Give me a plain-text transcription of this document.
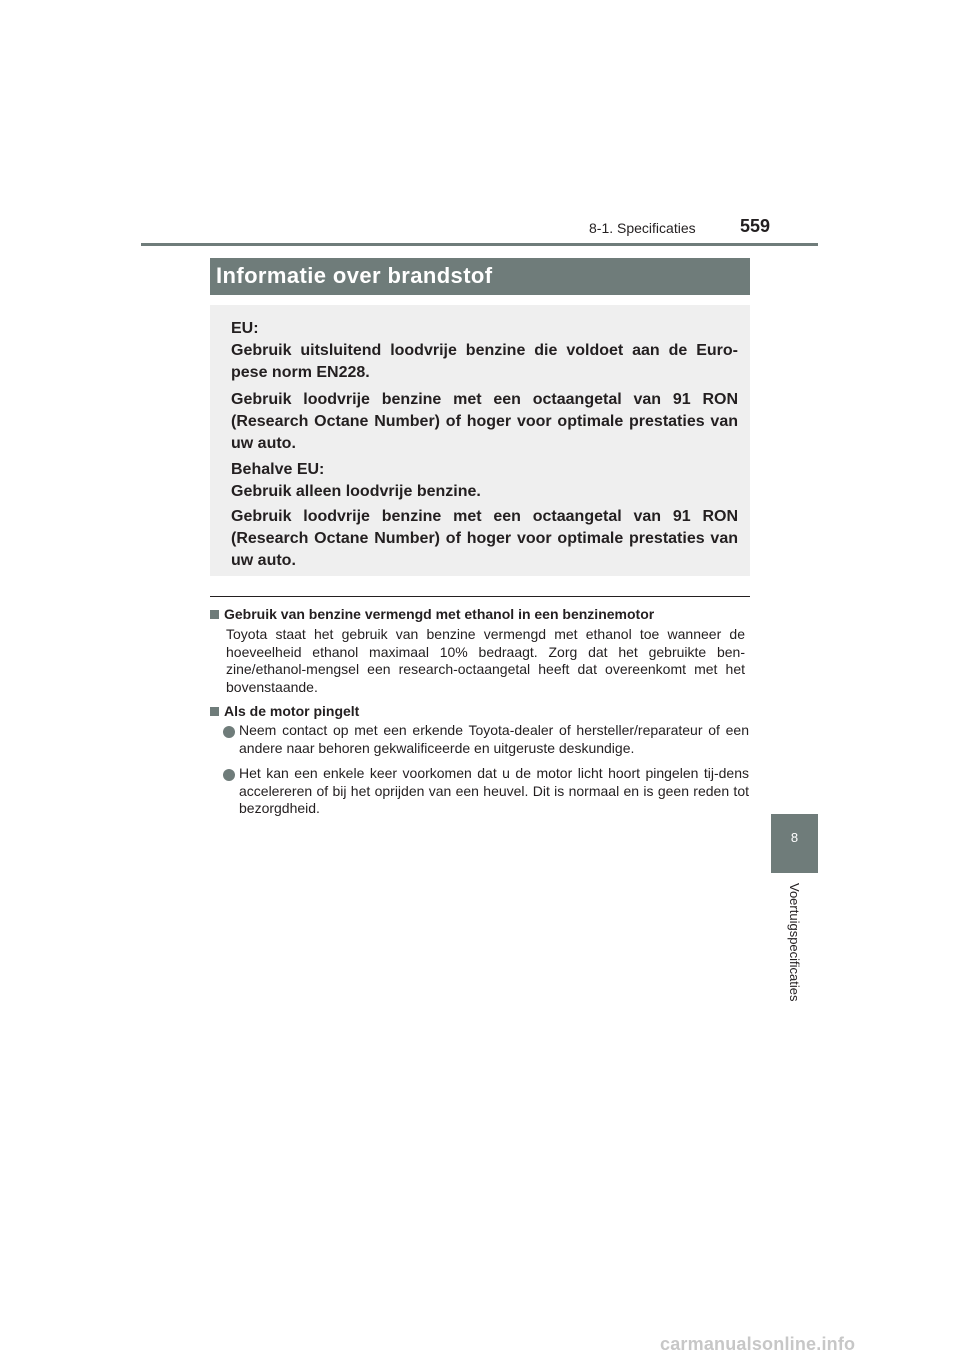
8-1. Specificaties 559
Informatie over brandstof

EU:

Gebruik uitsluitend loodvrije benzine die voldoet aan de Euro-pese norm EN228.

Gebruik loodvrije benzine met een octaangetal van 91 RON (Research Octane Number) of hoger voor optimale prestaties van uw auto.

Behalve EU:

Gebruik alleen loodvrije benzine.

Gebruik loodvrije benzine met een octaangetal van 91 RON (Research Octane Number) of hoger voor optimale prestaties van uw auto.

Gebruik van benzine vermengd met ethanol in een benzinemotor

Toyota staat het gebruik van benzine vermengd met ethanol toe wanneer de hoeveelheid ethanol maximaal 10% bedraagt. Zorg dat het gebruikte ben-zine/ethanol-mengsel een research-octaangetal heeft dat overeenkomt met het bovenstaande.

Als de motor pingelt

Neem contact op met een erkende Toyota-dealer of hersteller/reparateur of een andere naar behoren gekwalificeerde en uitgeruste deskundige.

Het kan een enkele keer voorkomen dat u de motor licht hoort pingelen tij-dens accelereren of bij het oprijden van een heuvel. Dit is normaal en is geen reden tot bezorgdheid.

8
Voertuigspecificaties
carmanualsonline.info
